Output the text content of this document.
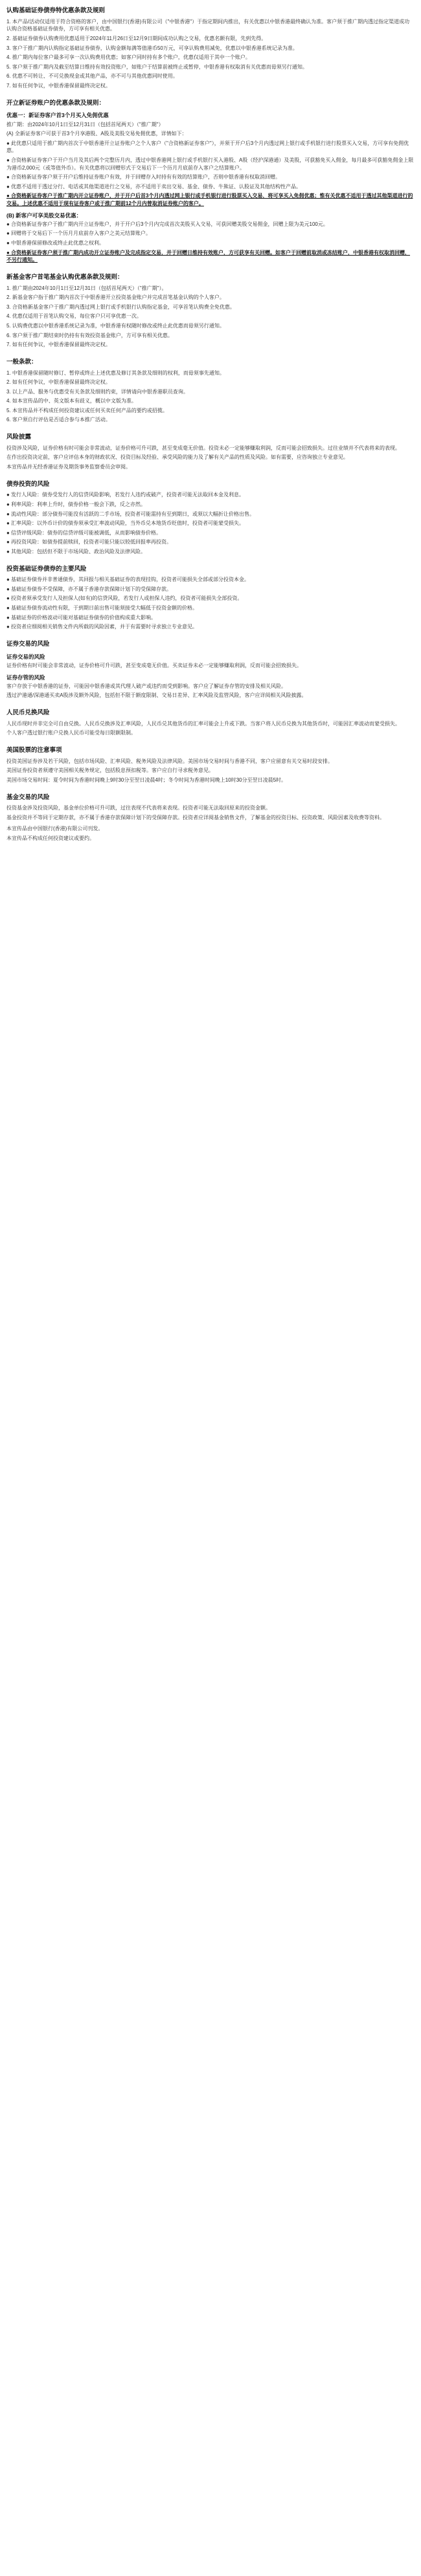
认购基础证券债券特优惠条款及规则

1. 本产品/活动仅适用于符合资格的客户，由中国银行(香港)有限公司（"中银香港"）于指定期间内推出，有关优惠以中银香港最终确认为准。客户须于推广期内透过指定渠道成功认购合资格基础证券债券，方可享有相关优惠。

2. 基础证券债券认购费用优惠适用于2024年11月26日至12月9日期间成功认购之交易，优惠名额有限，先到先得。

3. 客户于推广期内认购指定基础证券债券，认购金额每满等值港币50万元，可享认购费用减免，优惠以中银香港系统记录为准。

4. 推广期内每位客户最多可享一次认购费用优惠；如客户同时持有多个账户，优惠仅适用于其中一个账户。

5. 客户须于推广期内及截至结算日维持有效投资账户，如账户于结算前被终止或暂停，中银香港有权取消有关优惠而毋须另行通知。

6. 优惠不可转让、不可兑换现金或其他产品，亦不可与其他优惠同时使用。

7. 如有任何争议，中银香港保留最终决定权。

开立新证券账户的优惠条款及规则：
优惠一：新证券客户首3个月买入免佣优惠

推广期：由2024年10月1日至12月31日（包括首尾两天）（"推广期"）

(A) 全新证券客户可获于首3个月享港股、A股及美股交易免佣优惠，详情如下：

● 此优惠只适用于推广期内首次于中银香港开立证券账户之个人客户（"合资格新证券客户"），并须于开户后3个月内透过网上银行或手机银行进行股票买入交易，方可享有免佣优惠。

● 合资格新证券客户于开户当月及其后两个完整历月内，透过中银香港网上银行或手机银行买入港股、A股（经沪深港通）及美股，可获豁免买入佣金，每月最多可获豁免佣金上限为港币2,000元（或等值外币）。有关优惠将以回赠形式于交易后下一个历月月底前存入客户之结算账户。

● 合资格新证券客户须于开户后维持证券账户有效，并于回赠存入时持有有效的结算账户，否则中银香港有权取消回赠。

● 优惠不适用于透过分行、电话或其他渠道进行之交易，亦不适用于卖出交易、基金、债券、牛熊证、认股证及其他结构性产品。

● 合资格新证券客户于推广期内开立证券账户，并于开户后首3个月内透过网上银行或手机银行进行股票买入交易，将可享买入免佣优惠；惟有关优惠不适用于透过其他渠道进行的交易。上述优惠不适用于现有证券客户或于推广期前12个月内曾取消证券账户的客户。

(B) 新客户可享美股交易优惠：

● 合资格新证券客户于推广期内开立证券账户，并于开户后3个月内完成首次美股买入交易，可获回赠美股交易佣金，回赠上限为美元100元。

● 回赠将于交易后下一个历月月底前存入客户之美元结算账户。

● 中银香港保留修改或终止此优惠之权利。

● 合资格新证券客户须于推广期内成功开立证券账户及完成指定交易，并于回赠日维持有效账户，方可获享有关回赠。如客户于回赠前取消或冻结账户，中银香港有权取消回赠，不另行通知。

新基金客户首笔基金认购优惠条款及规则：

1. 推广期由2024年10月1日至12月31日（包括首尾两天）（"推广期"）。

2. 新基金客户指于推广期内首次于中银香港开立投资基金账户并完成首笔基金认购的个人客户。

3. 合资格新基金客户于推广期内透过网上银行或手机银行认购指定基金，可享首笔认购费全免优惠。

4. 优惠仅适用于首笔认购交易，每位客户只可享优惠一次。

5. 认购费优惠以中银香港系统记录为准，中银香港有权随时修改或终止此优惠而毋须另行通知。

6. 客户须于推广期结束时仍持有有效投资基金账户，方可享有相关优惠。

7. 如有任何争议，中银香港保留最终决定权。

一般条款：

1. 中银香港保留随时修订、暂停或终止上述优惠及修订其条款及细则的权利，而毋须事先通知。

2. 如有任何争议，中银香港保留最终决定权。

3. 以上产品、服务与优惠受有关条款及细则约束，详情请向中银香港职员查询。

4. 如本宣传品的中、英文版本有歧义，概以中文版为准。

5. 本宣传品并不构成任何投资建议或任何买卖任何产品的要约或招揽。

6. 客户须自行评估是否适合参与本推广活动。

风险披露

投资涉及风险，证券价格有时可能会非常波动，证券价格可升可跌，甚至变成毫无价值。投资未必一定能够赚取利润，反而可能会招致损失。过往业绩并不代表将来的表现。

在作出投资决定前，客户应评估本身的财政状况、投资目标及经验、承受风险的能力及了解有关产品的性质及风险。如有需要，应咨询独立专业意见。

本宣传品并无经香港证券及期货事务监察委员会审阅。

债券投资的风险

● 发行人风险：债券受发行人的信贷风险影响，若发行人违约或破产，投资者可能无法取回本金及利息。

● 利率风险：利率上升时，债券价格一般会下跌，反之亦然。

● 流动性风险：部分债券可能没有活跃的二手市场，投资者可能需持有至到期日，或须以大幅折让价格出售。

● 汇率风险：以外币计价的债券须承受汇率波动风险，当外币兑本地货币贬值时，投资者可能蒙受损失。

● 信贷评级风险：债券的信贷评级可能被调低，从而影响债券价格。

● 再投资风险：如债券提前赎回，投资者可能只能以较低回报率再投资。

● 其他风险：包括但不限于市场风险、政治风险及法律风险。

投资基础证券债券的主要风险

● 基础证券债券并非普通债券，其回报与相关基础证券的表现挂钩，投资者可能损失全部或部分投资本金。

● 基础证券债券不受保障，亦不属于香港存款保障计划下的受保障存款。

● 投资者须承受发行人及担保人(如有)的信贷风险，若发行人或担保人违约，投资者可能损失全部投资。

● 基础证券债券流动性有限，于到期日前出售可能须接受大幅低于投资金额的价格。

● 基础证券的价格波动可能对基础证券债券的价值构成重大影响。

● 投资者应细阅相关销售文件内所载的风险因素，并于有需要时寻求独立专业意见。

证券交易的风险
证券交易的风险

证券价格有时可能会非常波动，证券价格可升可跌，甚至变成毫无价值。买卖证券未必一定能够赚取利润，反而可能会招致损失。

证券存管的风险

客户存放于中银香港的证券，可能因中银香港或其代理人破产或违约而受到影响。客户应了解证券存管的安排及相关风险。

透过沪港通/深港通买卖A股涉及额外风险，包括但不限于额度限制、交易日差异、汇率风险及监管风险，客户应详阅相关风险披露。

人民币兑换风险

人民币现时并非完全可自由兑换。人民币兑换涉及汇率风险，人民币兑其他货币的汇率可能会上升或下跌。当客户将人民币兑换为其他货币时，可能因汇率波动而蒙受损失。

个人客户透过银行账户兑换人民币可能受每日限额限制。

美国股票的注意事项

投资美国证券涉及若干风险，包括市场风险、汇率风险、税务风险及法律风险。美国市场交易时间与香港不同，客户应留意有关交易时段安排。

美国证券投资者须遵守美国相关税务规定，包括股息预扣税等。客户应自行寻求税务意见。

美国市场交易时间：夏令时间为香港时间晚上9时30分至翌日凌晨4时；冬令时间为香港时间晚上10时30分至翌日凌晨5时。

基金交易的风险

投资基金涉及投资风险，基金单位价格可升可跌，过往表现不代表将来表现。投资者可能无法取回原来的投资金额。

基金投资并不等同于定期存款，亦不属于香港存款保障计划下的受保障存款。投资者应详阅基金销售文件，了解基金的投资目标、投资政策、风险因素及收费等资料。

本宣传品由中国银行(香港)有限公司刊发。

本宣传品不构成任何投资建议或要约。
